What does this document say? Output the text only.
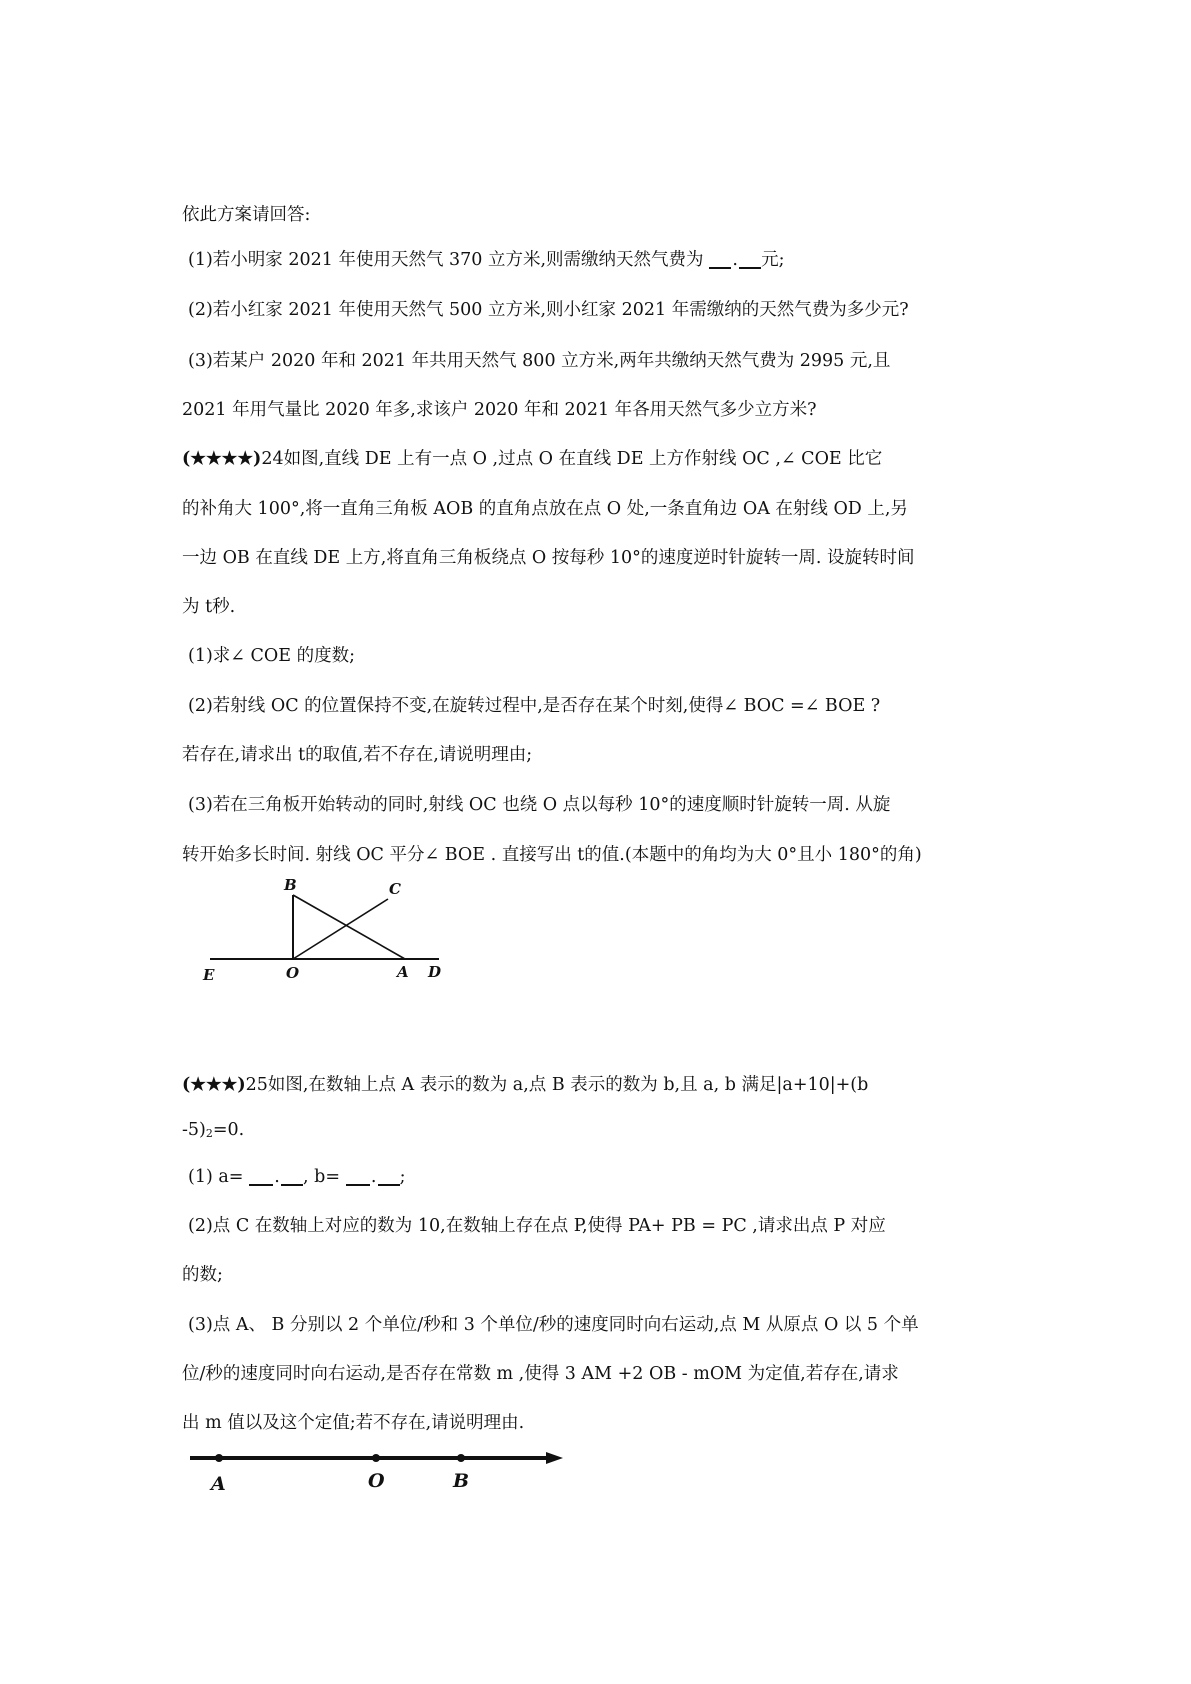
依此方案请回答:
(1)若小明家 2021 年使用天然气 370 立方米,则需缴纳天然气费为 . 元;
(2)若小红家 2021 年使用天然气 500 立方米,则小红家 2021 年需缴纳的天然气费为多少元?
(3)若某户 2020 年和 2021 年共用天然气 800 立方米,两年共缴纳天然气费为 2995 元,且
2021 年用气量比 2020 年多,求该户 2020 年和 2021 年各用天然气多少立方米?
(★★★★)24如图,直线 DE 上有一点 O ,过点 O 在直线 DE 上方作射线 OC ,∠ COE 比它
的补角大 100°,将一直角三角板 AOB 的直角点放在点 O 处,一条直角边 OA 在射线 OD 上,另
一边 OB 在直线 DE 上方,将直角三角板绕点 O 按每秒 10°的速度逆时针旋转一周. 设旋转时间
为 t秒.
(1)求∠ COE 的度数;
(2)若射线 OC 的位置保持不变,在旋转过程中,是否存在某个时刻,使得∠ BOC =∠ BOE ?
若存在,请求出 t的取值,若不存在,请说明理由;
(3)若在三角板开始转动的同时,射线 OC 也绕 O 点以每秒 10°的速度顺时针旋转一周. 从旋
转开始多长时间. 射线 OC 平分∠ BOE . 直接写出 t的值.(本题中的角均为大 0°且小 180°的角)
B	C
E	O	A D
(★★★)25如图,在数轴上点 A 表示的数为 a,点 B 表示的数为 b,且 a, b 满足|a+10|+(b
-5)2=0.
(1) a= . , b= . ;
(2)点 C 在数轴上对应的数为 10,在数轴上存在点 P,使得 PA+ PB = PC ,请求出点 P 对应
的数;
(3)点 A、 B 分别以 2 个单位/秒和 3 个单位/秒的速度同时向右运动,点 M 从原点 O 以 5 个单
位/秒的速度同时向右运动,是否存在常数 m ,使得 3 AM +2 OB - mOM 为定值,若存在,请求
出 m 值以及这个定值;若不存在,请说明理由.
A	O	B
